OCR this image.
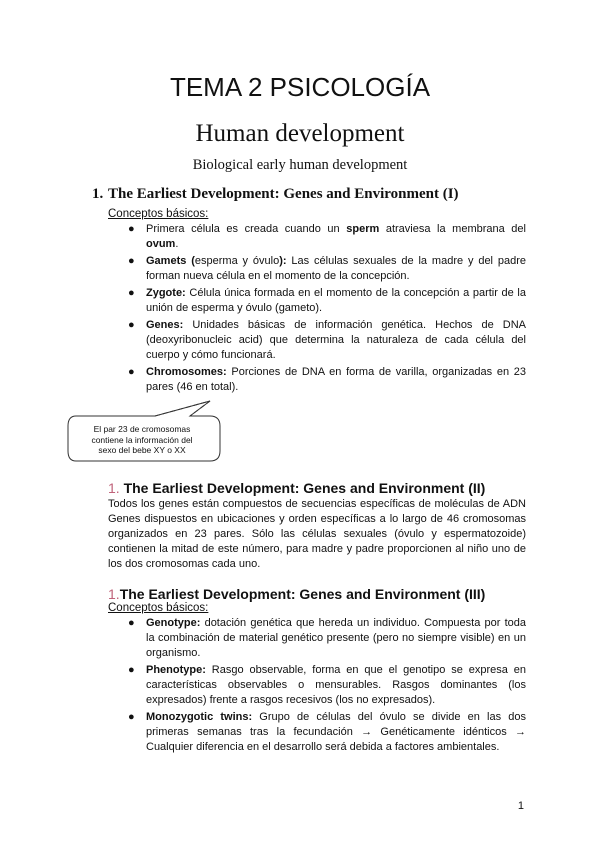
TEMA 2 PSICOLOGÍA
Human development
Biological early human development
1. The Earliest Development: Genes and Environment (I)
Conceptos básicos:
● Primera célula es creada cuando un sperm atraviesa la membrana del ovum.
● Gamets (esperma y óvulo): Las células sexuales de la madre y del padre forman nueva célula en el momento de la concepción.
● Zygote: Célula única formada en el momento de la concepción a partir de la unión de esperma y óvulo (gameto).
● Genes: Unidades básicas de información genética. Hechos de DNA (deoxyribonucleic acid) que determina la naturaleza de cada célula del cuerpo y cómo funcionará.
● Chromosomes: Porciones de DNA en forma de varilla, organizadas en 23 pares (46 en total).
El par 23 de cromosomas
contiene la información del
sexo del bebe XY o XX
1. The Earliest Development: Genes and Environment (II)
Todos los genes están compuestos de secuencias específicas de moléculas de ADN Genes dispuestos en ubicaciones y orden específicas a lo largo de 46 cromosomas organizados en 23 pares. Sólo las células sexuales (óvulo y espermatozoide) contienen la mitad de este número, para madre y padre proporcionen al niño uno de los dos cromosomas cada uno.
1.The Earliest Development: Genes and Environment (III)
Conceptos básicos:
● Genotype: dotación genética que hereda un individuo. Compuesta por toda la combinación de material genético presente (pero no siempre visible) en un organismo.
● Phenotype: Rasgo observable, forma en que el genotipo se expresa en características observables o mensurables. Rasgos dominantes (los expresados) frente a rasgos recesivos (los no expresados).
● Monozygotic twins: Grupo de células del óvulo se divide en las dos primeras semanas tras la fecundación → Genéticamente idénticos → Cualquier diferencia en el desarrollo será debida a factores ambientales.
1
